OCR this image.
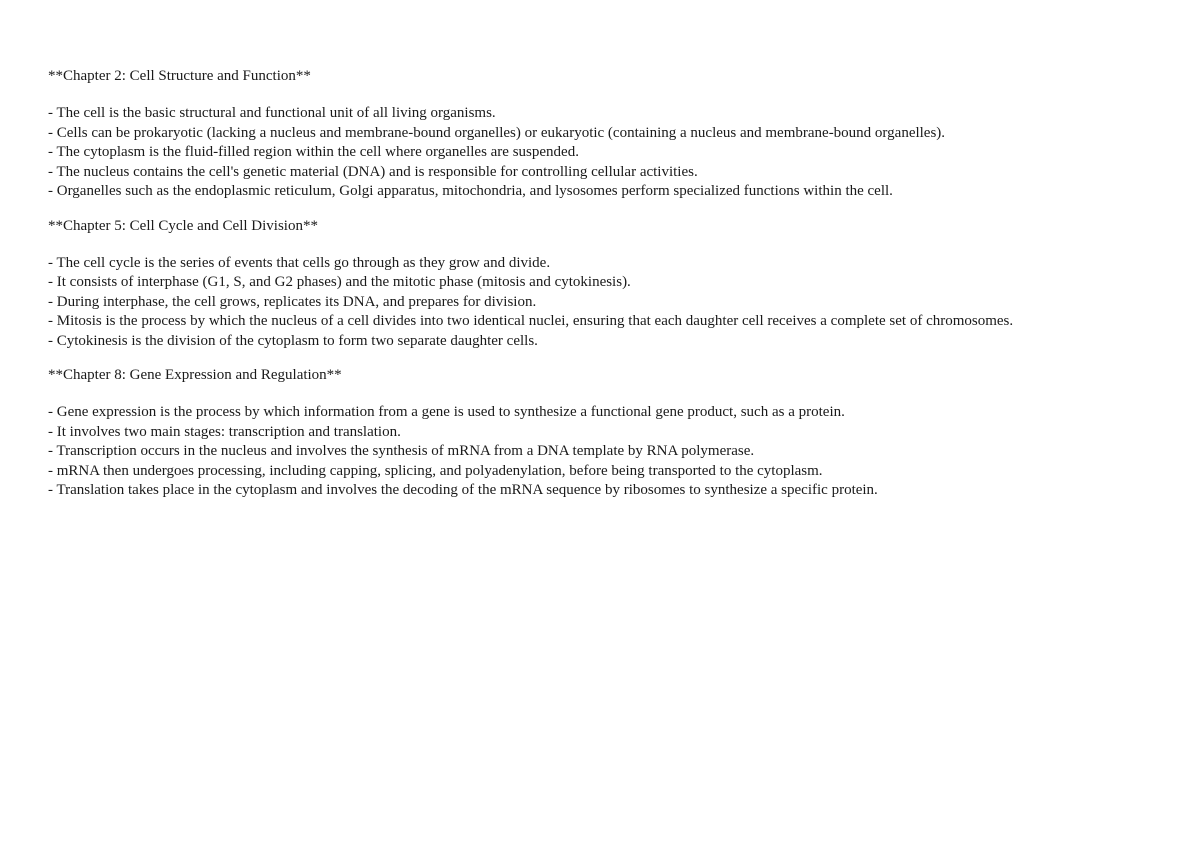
**Chapter 2: Cell Structure and Function**
- The cell is the basic structural and functional unit of all living organisms.
- Cells can be prokaryotic (lacking a nucleus and membrane-bound organelles) or eukaryotic (containing a nucleus and membrane-bound organelles).
- The cytoplasm is the fluid-filled region within the cell where organelles are suspended.
- The nucleus contains the cell's genetic material (DNA) and is responsible for controlling cellular activities.
- Organelles such as the endoplasmic reticulum, Golgi apparatus, mitochondria, and lysosomes perform specialized functions within the cell.
**Chapter 5: Cell Cycle and Cell Division**
- The cell cycle is the series of events that cells go through as they grow and divide.
- It consists of interphase (G1, S, and G2 phases) and the mitotic phase (mitosis and cytokinesis).
- During interphase, the cell grows, replicates its DNA, and prepares for division.
- Mitosis is the process by which the nucleus of a cell divides into two identical nuclei, ensuring that each daughter cell receives a complete set of chromosomes.
- Cytokinesis is the division of the cytoplasm to form two separate daughter cells.
**Chapter 8: Gene Expression and Regulation**
- Gene expression is the process by which information from a gene is used to synthesize a functional gene product, such as a protein.
- It involves two main stages: transcription and translation.
- Transcription occurs in the nucleus and involves the synthesis of mRNA from a DNA template by RNA polymerase.
- mRNA then undergoes processing, including capping, splicing, and polyadenylation, before being transported to the cytoplasm.
- Translation takes place in the cytoplasm and involves the decoding of the mRNA sequence by ribosomes to synthesize a specific protein.
